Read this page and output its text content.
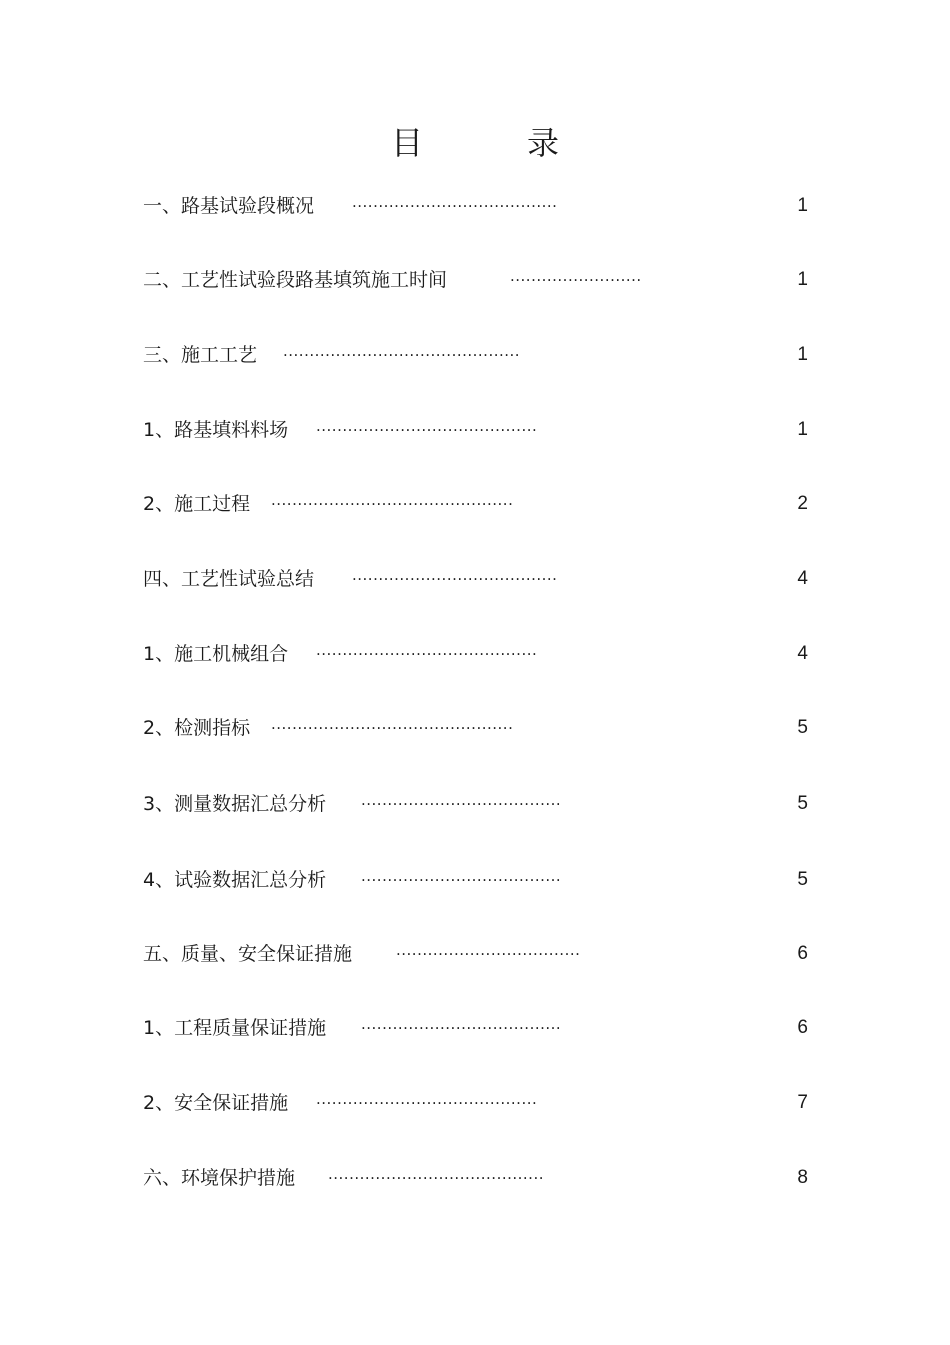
目　录
一、路基试验段概况	.......................................	1
二、工艺性试验段路基填筑施工时间	.........................	1
三、施工工艺 .............................................	1
1、路基填料料场 ..........................................	1
2、施工过程 ..............................................	2
四、工艺性试验总结	.......................................	4
1、施工机械组合 ..........................................	4
2、检测指标 ..............................................	5
3、测量数据汇总分析 ......................................	5
4、试验数据汇总分析 ......................................	5
五、质量、安全保证措施	...................................	6
1、工程质量保证措施 ......................................	6
2、安全保证措施 ..........................................	7
六、环境保护措施 .........................................	8
